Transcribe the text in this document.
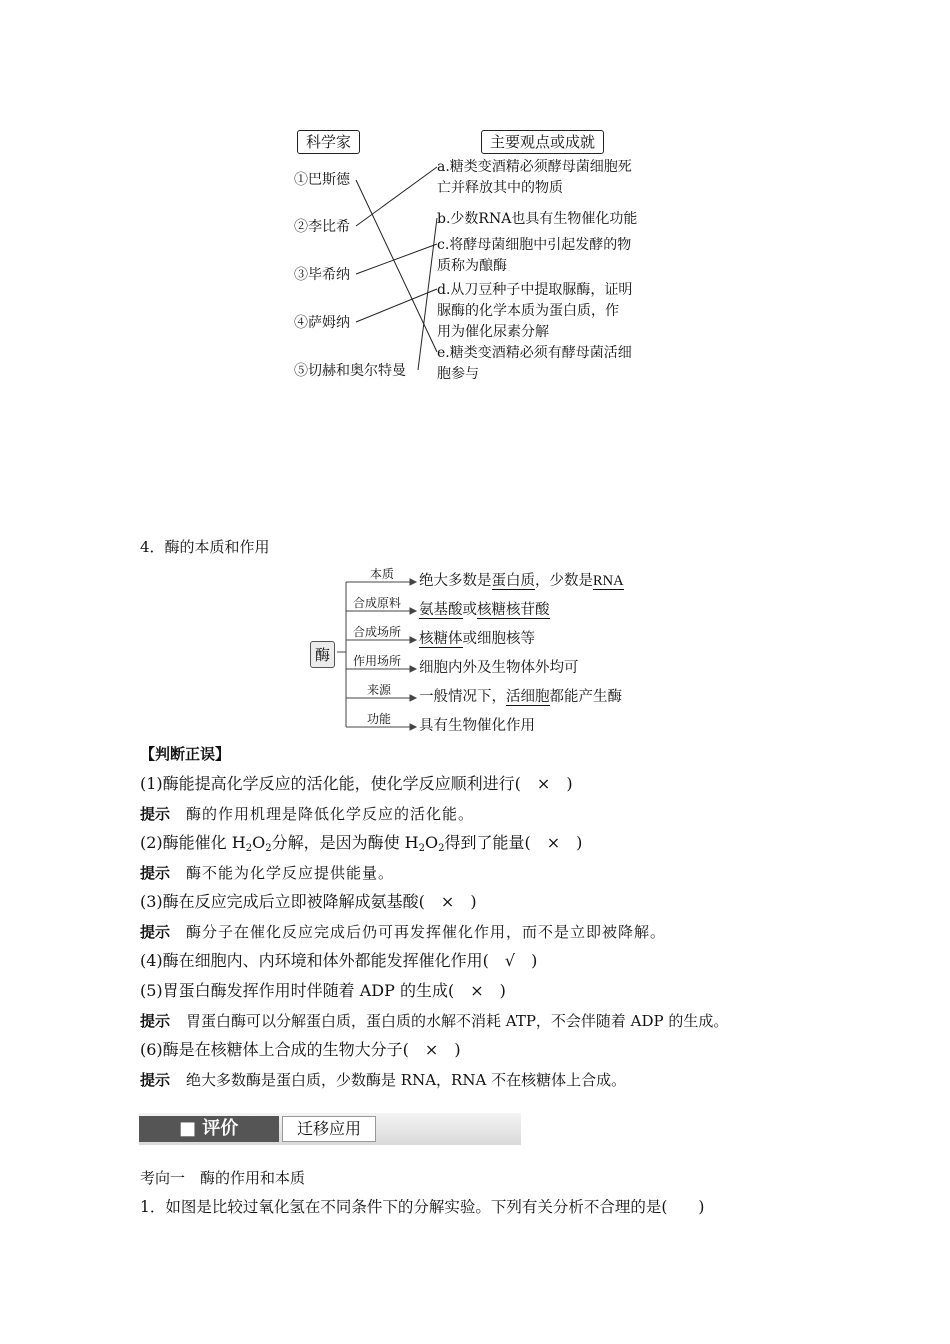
科学家	主要观点或成就
①巴斯德
②李比希
③毕希纳
④萨姆纳
⑤切赫和奥尔特曼
a.糖类变酒精必须酵母菌细胞死
亡并释放其中的物质
b.少数RNA也具有生物催化功能
c.将酵母菌细胞中引起发酵的物
质称为酿酶
d.从刀豆种子中提取脲酶，证明
脲酶的化学本质为蛋白质，作
用为催化尿素分解
e.糖类变酒精必须有酵母菌活细
胞参与
4．酶的本质和作用
酶
本质
合成原料
合成场所
作用场所
来源
功能
绝大多数是蛋白质，少数是RNA
氨基酸或核糖核苷酸
核糖体或细胞核等
细胞内外及生物体外均可
一般情况下，活细胞都能产生酶
具有生物催化作用
【判断正误】
(1)酶能提高化学反应的活化能，使化学反应顺利进行(　×　)
提示　 酶的作用机理是降低化学反应的活化能。
(2)酶能催化 $H_2O_2$分解，是因为酶使 $H_2O_2$得到了能量(　×　)
提示　 酶不能为化学反应提供能量。
(3)酶在反应完成后立即被降解成氨基酸(　×　)
提示　 酶分子在催化反应完成后仍可再发挥催化作用，而不是立即被降解。
(4)酶在细胞内、内环境和体外都能发挥催化作用(　√　)
(5)胃蛋白酶发挥作用时伴随着 ADP 的生成(　×　)
提示　 胃蛋白酶可以分解蛋白质，蛋白质的水解不消耗 ATP，不会伴随着 ADP 的生成。
(6)酶是在核糖体上合成的生物大分子(　×　)
提示　 绝大多数酶是蛋白质，少数酶是 RNA，RNA 不在核糖体上合成。
■ 评价	迁移应用
考向一　酶的作用和本质
1．如图是比较过氧化氢在不同条件下的分解实验。下列有关分析不合理的是(　　)
